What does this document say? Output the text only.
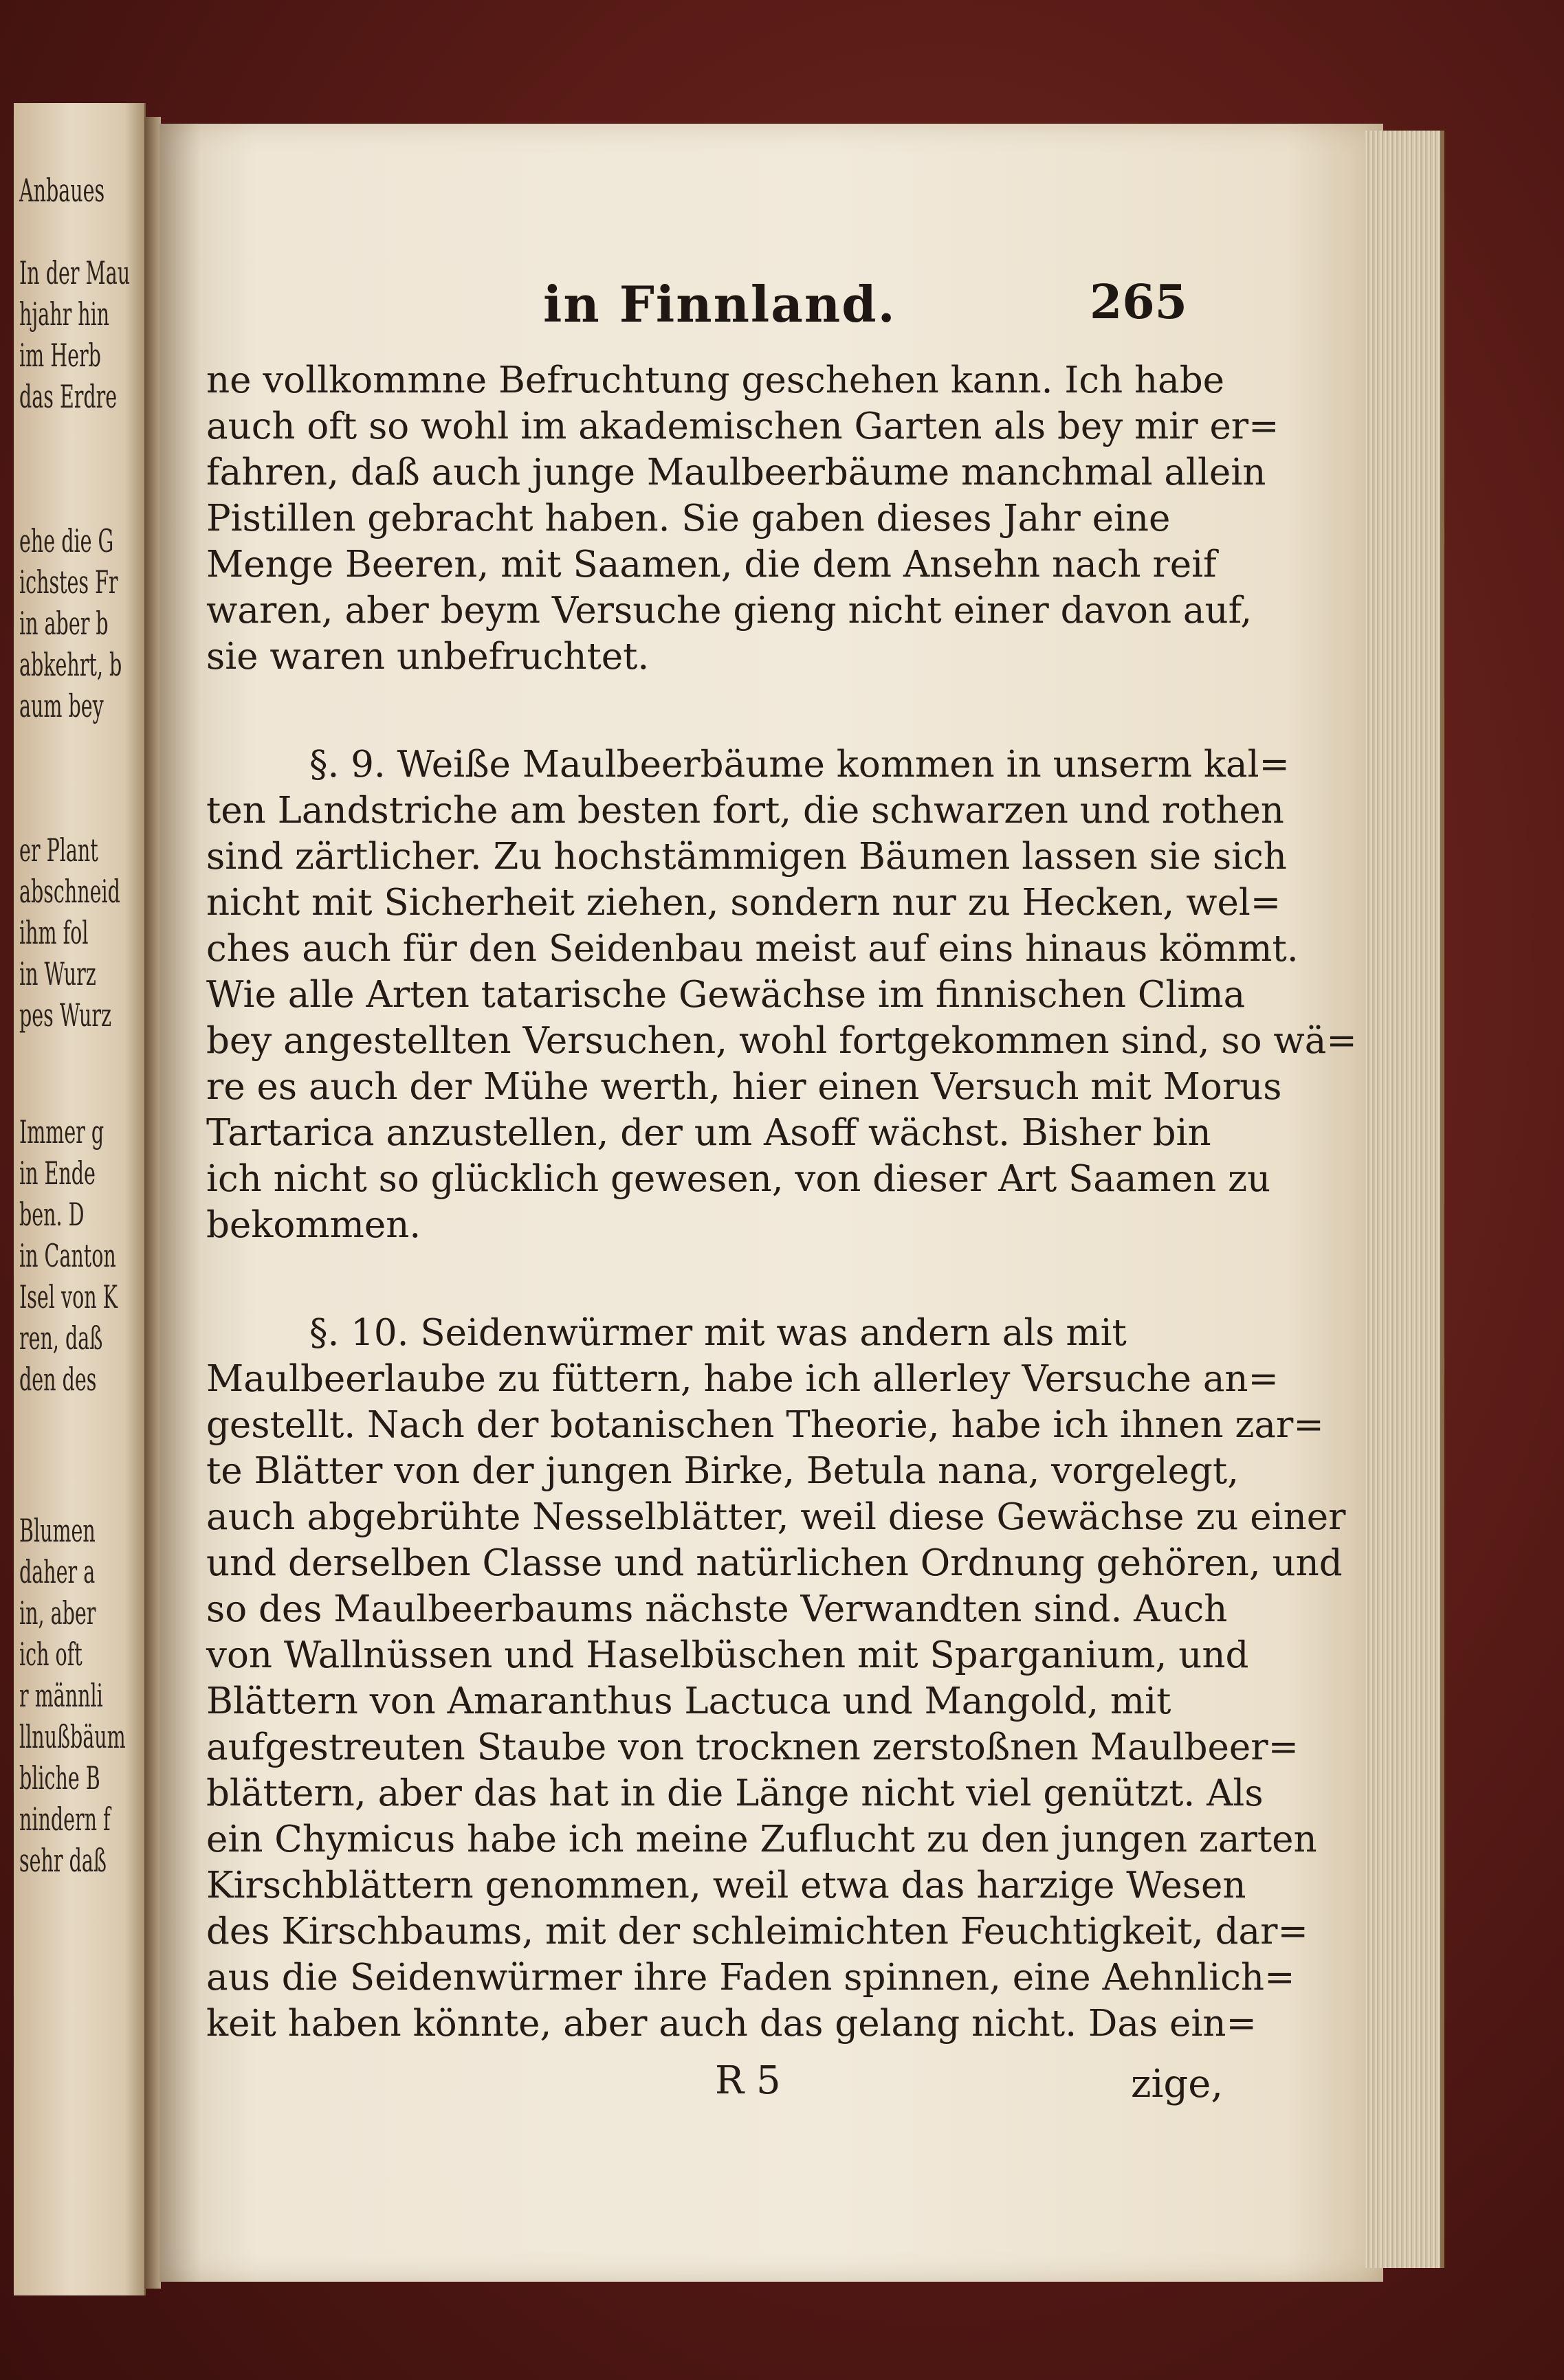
Anbaues
In der Mau
hjahr hin
im Herb
das Erdre
ehe die G
ichstes Fr
in aber b
abkehrt, b
aum bey
er Plant
abschneid
ihm fol
in Wurz
pes Wurz
Immer g
in Ende
ben. D
in Canton
Isel von K
ren, daß
den des
Blumen
daher a
in, aber
ich oft
r männli
llnußbäum
bliche B
nindern f
sehr daß
in Finnland.	265
ne vollkommne Befruchtung geschehen kann. Ich habe
auch oft so wohl im akademischen Garten als bey mir er=
fahren, daß auch junge Maulbeerbäume manchmal allein
Pistillen gebracht haben. Sie gaben dieses Jahr eine
Menge Beeren, mit Saamen, die dem Ansehn nach reif
waren, aber beym Versuche gieng nicht einer davon auf,
sie waren unbefruchtet.
§. 9. Weiße Maulbeerbäume kommen in unserm kal=
ten Landstriche am besten fort, die schwarzen und rothen
sind zärtlicher. Zu hochstämmigen Bäumen lassen sie sich
nicht mit Sicherheit ziehen, sondern nur zu Hecken, wel=
ches auch für den Seidenbau meist auf eins hinaus kömmt.
Wie alle Arten tatarische Gewächse im finnischen Clima
bey angestellten Versuchen, wohl fortgekommen sind, so wä=
re es auch der Mühe werth, hier einen Versuch mit Morus
Tartarica anzustellen, der um Asoff wächst. Bisher bin
ich nicht so glücklich gewesen, von dieser Art Saamen zu
bekommen.
§. 10. Seidenwürmer mit was andern als mit
Maulbeerlaube zu füttern, habe ich allerley Versuche an=
gestellt. Nach der botanischen Theorie, habe ich ihnen zar=
te Blätter von der jungen Birke, Betula nana, vorgelegt,
auch abgebrühte Nesselblätter, weil diese Gewächse zu einer
und derselben Classe und natürlichen Ordnung gehören, und
so des Maulbeerbaums nächste Verwandten sind. Auch
von Wallnüssen und Haselbüschen mit Sparganium, und
Blättern von Amaranthus Lactuca und Mangold, mit
aufgestreuten Staube von trocknen zerstoßnen Maulbeer=
blättern, aber das hat in die Länge nicht viel genützt. Als
ein Chymicus habe ich meine Zuflucht zu den jungen zarten
Kirschblättern genommen, weil etwa das harzige Wesen
des Kirschbaums, mit der schleimichten Feuchtigkeit, dar=
aus die Seidenwürmer ihre Faden spinnen, eine Aehnlich=
keit haben könnte, aber auch das gelang nicht. Das ein=
R 5	zige,
